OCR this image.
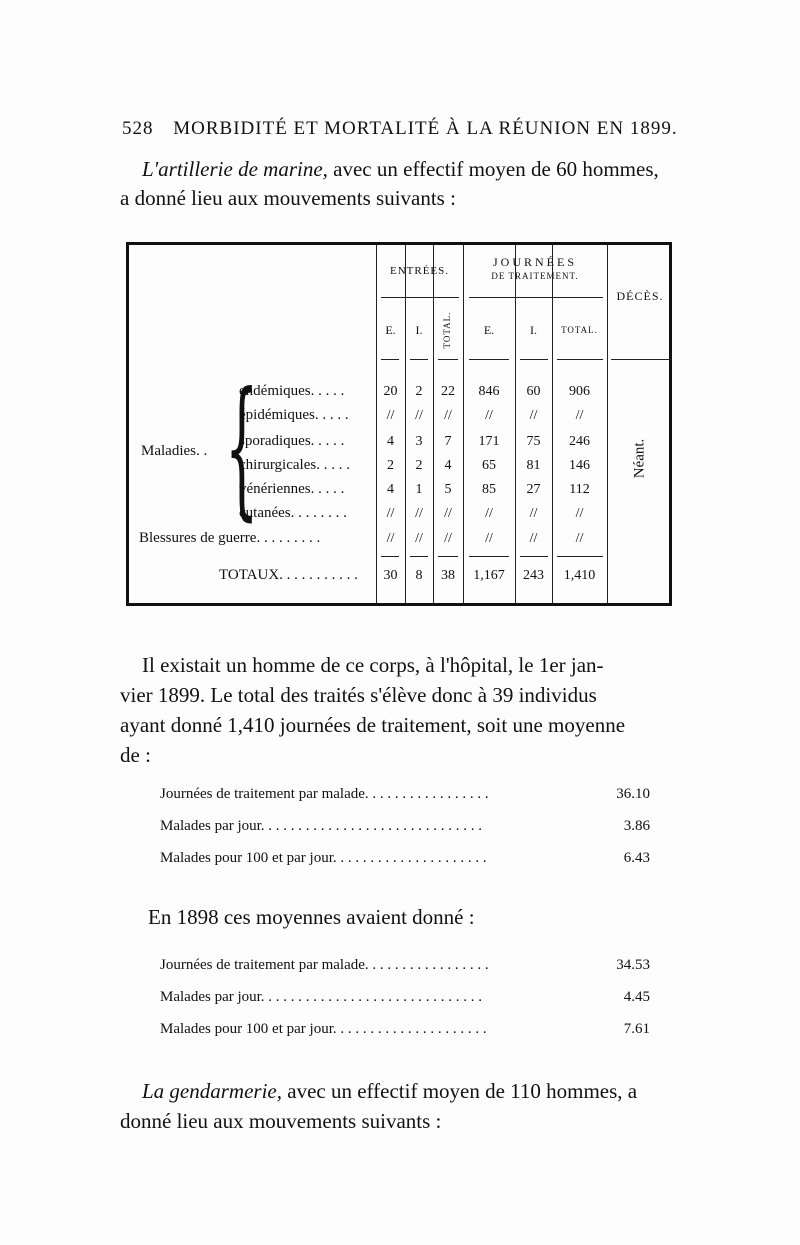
528 MORBIDITÉ ET MORTALITÉ À LA RÉUNION EN 1899.
L'artillerie de marine, avec un effectif moyen de 60 hommes,
a donné lieu aux mouvements suivants :
ENTRÉES.
JOURNÉES
DE TRAITEMENT.
DÉCÈS.
E.	I.	TOTAL.	E.	I.	TOTAL.
Maladies. . {
endémiques. . . . .	20	2	22	846	60	906
épidémiques. . . . .	//	//	//	//	//	//
sporadiques. . . . .	4	3	7	171	75	246
chirurgicales. . . . .	2	2	4	65	81	146
vénériennes. . . . .	4	1	5	85	27	112
cutanées. . . . . . . .	//	//	//	//	//	//
Blessures de guerre. . . . . . . . .	//	//	//	//	//	//
TOTAUX. . . . . . . . . . .	30	8	38	1,167	243	1,410
Néant.
Il existait un homme de ce corps, à l'hôpital, le 1er jan-
vier 1899. Le total des traités s'élève donc à 39 individus
ayant donné 1,410 journées de traitement, soit une moyenne
de :
Journées de traitement par malade. . . . . . . . . . . . . . . . .	36.10
Malades par jour. . . . . . . . . . . . . . . . . . . . . . . . . . . . . .	3.86
Malades pour 100 et par jour. . . . . . . . . . . . . . . . . . . . .	6.43
En 1898 ces moyennes avaient donné :
Journées de traitement par malade. . . . . . . . . . . . . . . . .	34.53
Malades par jour. . . . . . . . . . . . . . . . . . . . . . . . . . . . . .	4.45
Malades pour 100 et par jour. . . . . . . . . . . . . . . . . . . . .	7.61
La gendarmerie, avec un effectif moyen de 110 hommes, a
donné lieu aux mouvements suivants :
